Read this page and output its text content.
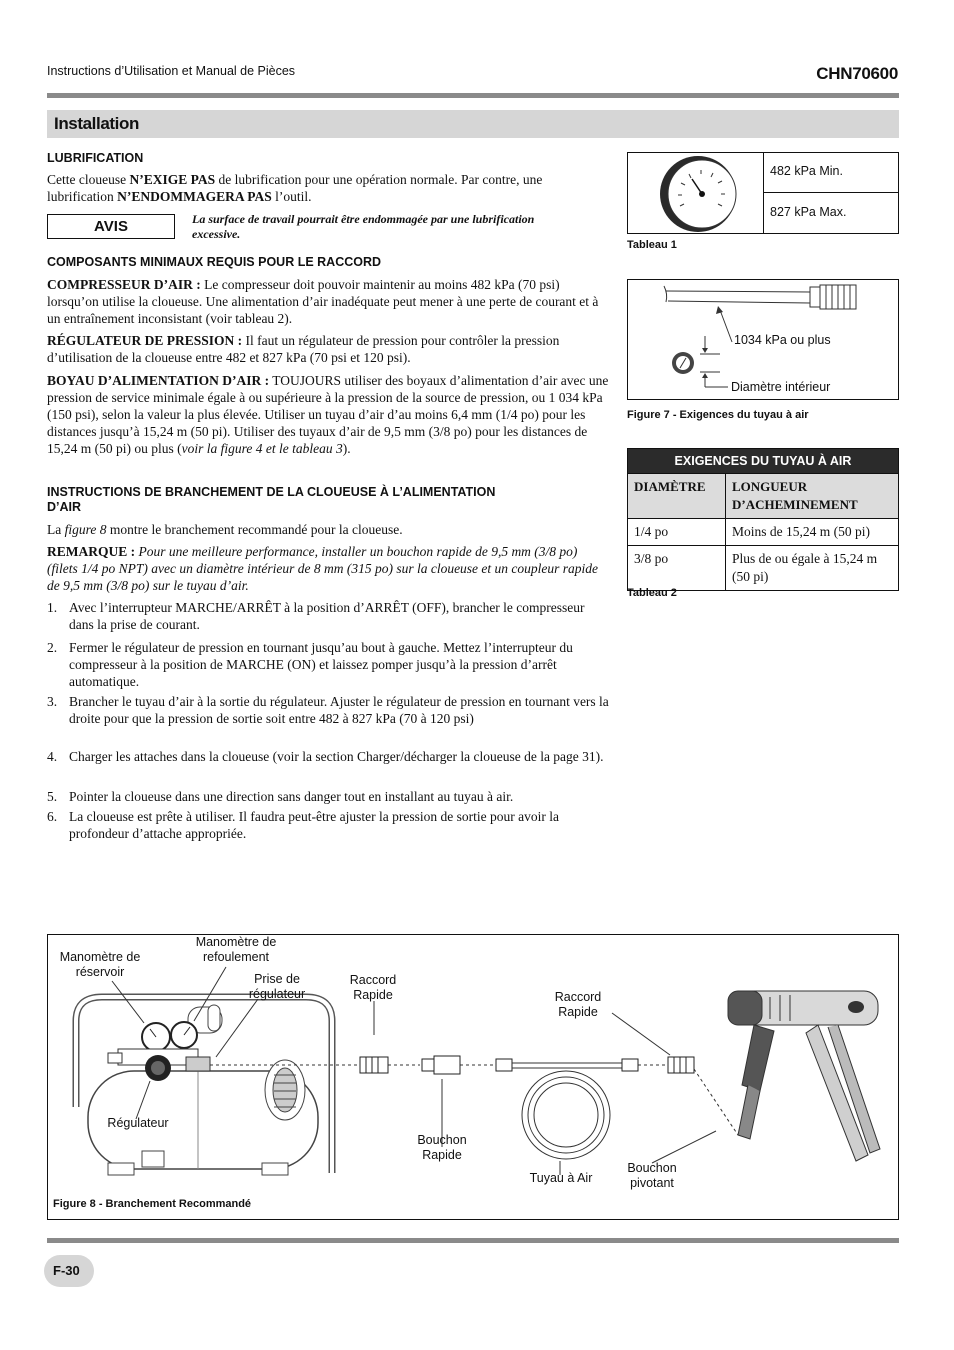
Instructions d’Utilisation et Manual de Pièces	CHN70600
Installation
LUBRIFICATION
Cette cloueuse N’EXIGE PAS de lubrification pour une opération normale. Par contre, une lubrification N’ENDOMMAGERA PAS l’outil.
AVIS	La surface de travail pourrait être endommagée par une lubrification excessive.
COMPOSANTS MINIMAUX REQUIS POUR LE RACCORD
COMPRESSEUR D’AIR : Le compresseur doit pouvoir maintenir au moins 482 kPa (70 psi) lorsqu’on utilise la cloueuse. Une alimentation d’air inadéquate peut mener à une perte de courant et à un entraînement inconsistant (voir tableau 2).
RÉGULATEUR DE PRESSION : Il faut un régulateur de pression pour contrôler la pression d’utilisation de la cloueuse entre 482 et 827 kPa (70 psi et 120 psi).
BOYAU D’ALIMENTATION D’AIR : TOUJOURS utiliser des boyaux d’alimentation d’air avec une pression de service minimale égale à ou supérieure à la pression de la source de pression, ou 1 034 kPa (150 psi), selon la valeur la plus élevée. Utiliser un tuyau d’air d’au moins 6,4 mm (1/4 po) pour les distances jusqu’à 15,24 m (50 pi). Utiliser des tuyaux d’air de 9,5 mm (3/8 po) pour les distances de 15,24 m (50 pi) ou plus (voir la figure 4 et le tableau 3).
INSTRUCTIONS DE BRANCHEMENT DE LA CLOUEUSE À L’ALIMENTATION D’AIR
La figure 8 montre le branchement recommandé pour la cloueuse.
REMARQUE : Pour une meilleure performance, installer un bouchon rapide de 9,5 mm (3/8 po) (filets 1/4 po NPT) avec un diamètre intérieur de 8 mm (315 po) sur la cloueuse et un coupleur rapide de 9,5 mm (3/8 po) sur le tuyau d’air.
1. Avec l’interrupteur MARCHE/ARRÊT à la position d’ARRÊT (OFF), brancher le compresseur dans la prise de courant.
2. Fermer le régulateur de pression en tournant jusqu’au bout à gauche. Mettez l’interrupteur du compresseur à la position de MARCHE (ON) et laissez pomper jusqu’à la pression d’arrêt automatique.
3. Brancher le tuyau d’air à la sortie du régulateur. Ajuster le régulateur de pression en tournant vers la droite pour que la pression de sortie soit entre 482 à 827 kPa (70 à 120 psi)
4. Charger les attaches dans la cloueuse (voir la section Charger/décharger la cloueuse de la page 31).
5. Pointer la cloueuse dans une direction sans danger tout en installant au tuyau à air.
6. La cloueuse est prête à utiliser. Il faudra peut-être ajuster la pression de sortie pour avoir la profondeur d’attache appropriée.
482 kPa Min.
827 kPa Max.
Tableau 1
1034 kPa ou plus
Diamètre intérieur
Figure 7 - Exigences du tuyau à air
EXIGENCES DU TUYAU À AIR	
DIAMÈTRE	LONGUEUR D’ACHEMINEMENT
1/4 po	Moins de 15,24 m (50 pi)
3/8 po	Plus de ou égale à 15,24 m (50 pi)
Tableau 2
Manomètre de réservoir
Manomètre de refoulement
Prise de régulateur
Raccord Rapide	Raccord Rapide
Régulateur
Bouchon Rapide
Tuyau à Air
Bouchon pivotant
Figure 8 - Branchement Recommandé
F-30
